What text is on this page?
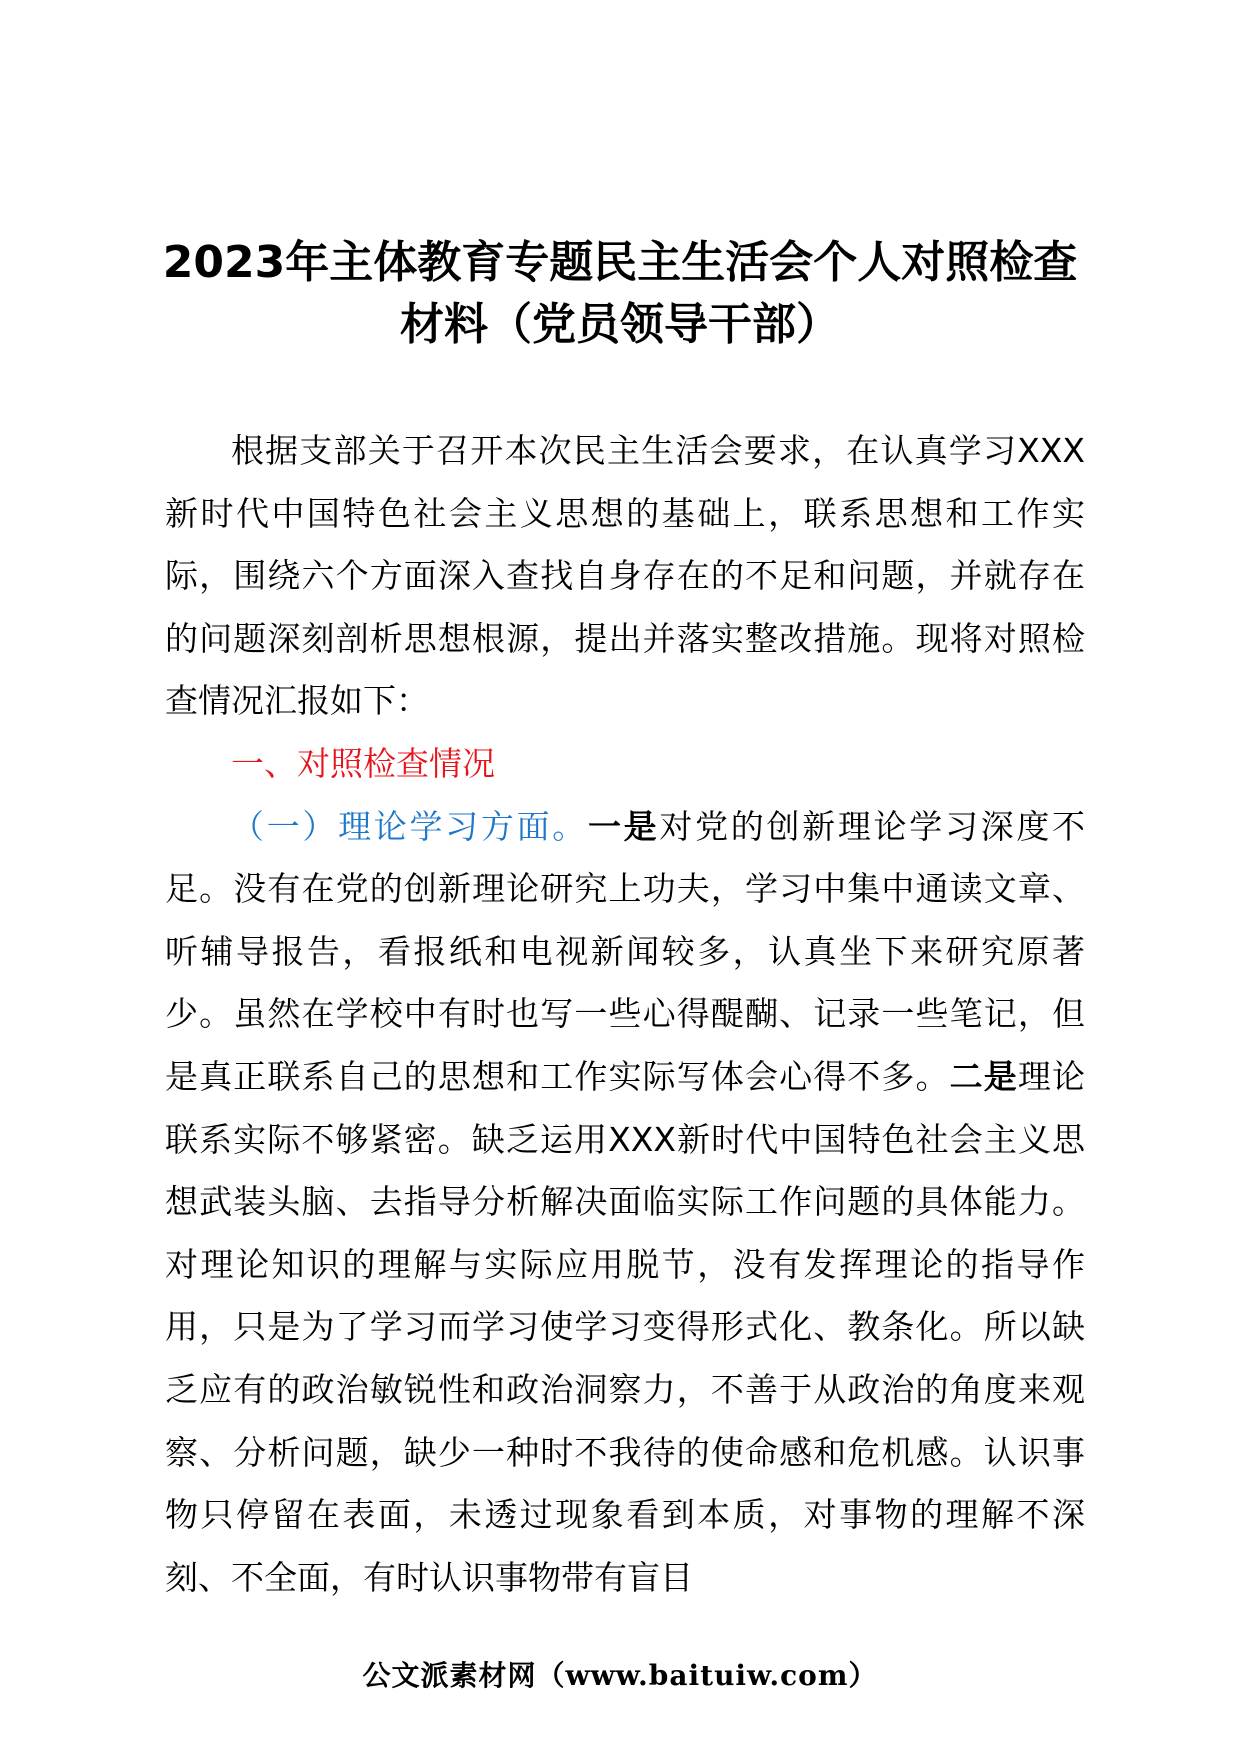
2023年主体教育专题民主生活会个人对照检查
材料（党员领导干部）

根据支部关于召开本次民主生活会要求，在认真学习XXX新时代中国特色社会主义思想的基础上，联系思想和工作实际，围绕六个方面深入查找自身存在的不足和问题，并就存在的问题深刻剖析思想根源，提出并落实整改措施。现将对照检查情况汇报如下：

一、对照检查情况

（一）理论学习方面。一是对党的创新理论学习深度不足。没有在党的创新理论研究上功夫，学习中集中通读文章、听辅导报告，看报纸和电视新闻较多，认真坐下来研究原著少。虽然在学校中有时也写一些心得醍醐、记录一些笔记，但是真正联系自己的思想和工作实际写体会心得不多。二是理论联系实际不够紧密。缺乏运用XXX新时代中国特色社会主义思想武装头脑、去指导分析解决面临实际工作问题的具体能力。对理论知识的理解与实际应用脱节，没有发挥理论的指导作用，只是为了学习而学习使学习变得形式化、教条化。所以缺乏应有的政治敏锐性和政治洞察力，不善于从政治的角度来观察、分析问题，缺少一种时不我待的使命感和危机感。认识事物只停留在表面，未透过现象看到本质，对事物的理解不深刻、不全面，有时认识事物带有盲目

公文派素材网（www.baituiw.com）
